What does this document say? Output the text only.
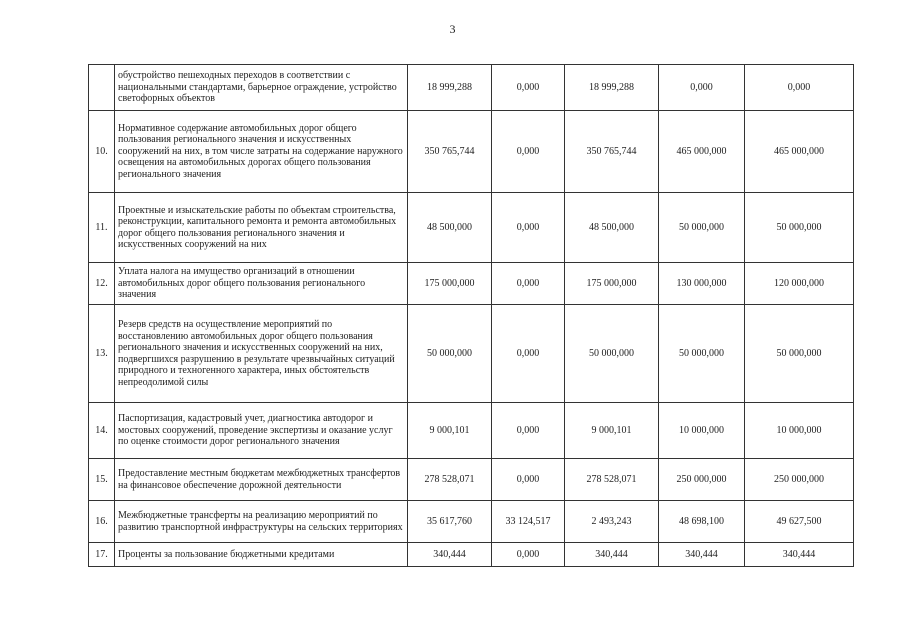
3
	обустройство пешеходных переходов в соответствии с национальными стандартами, барьерное ограждение, устройство светофорных объектов	18 999,288	0,000	18 999,288	0,000	0,000
10.	Нормативное содержание автомобильных дорог общего пользования регионального значения и искусственных сооружений на них, в том числе затраты на содержание наружного освещения на автомобильных дорогах общего пользования регионального значения	350 765,744	0,000	350 765,744	465 000,000	465 000,000
11.	Проектные и изыскательские работы по объектам строительства, реконструкции, капитального ремонта и ремонта автомобильных дорог общего пользования регионального значения и искусственных сооружений на них	48 500,000	0,000	48 500,000	50 000,000	50 000,000
12.	Уплата налога на имущество организаций в отношении автомобильных дорог общего пользования регионального значения	175 000,000	0,000	175 000,000	130 000,000	120 000,000
13.	Резерв средств на осуществление мероприятий по восстановлению автомобильных дорог общего пользования регионального значения и искусственных сооружений на них, подвергшихся разрушению в результате чрезвычайных ситуаций природного и техногенного характера, иных обстоятельств непреодолимой силы	50 000,000	0,000	50 000,000	50 000,000	50 000,000
14.	Паспортизация, кадастровый учет, диагностика автодорог и мостовых сооружений, проведение экспертизы и оказание услуг по оценке стоимости дорог регионального значения	9 000,101	0,000	9 000,101	10 000,000	10 000,000
15.	Предоставление местным бюджетам межбюджетных трансфертов на финансовое обеспечение дорожной деятельности	278 528,071	0,000	278 528,071	250 000,000	250 000,000
16.	Межбюджетные трансферты на реализацию мероприятий по развитию транспортной инфраструктуры на сельских территориях	35 617,760	33 124,517	2 493,243	48 698,100	49 627,500
17.	Проценты за пользование бюджетными кредитами	340,444	0,000	340,444	340,444	340,444
